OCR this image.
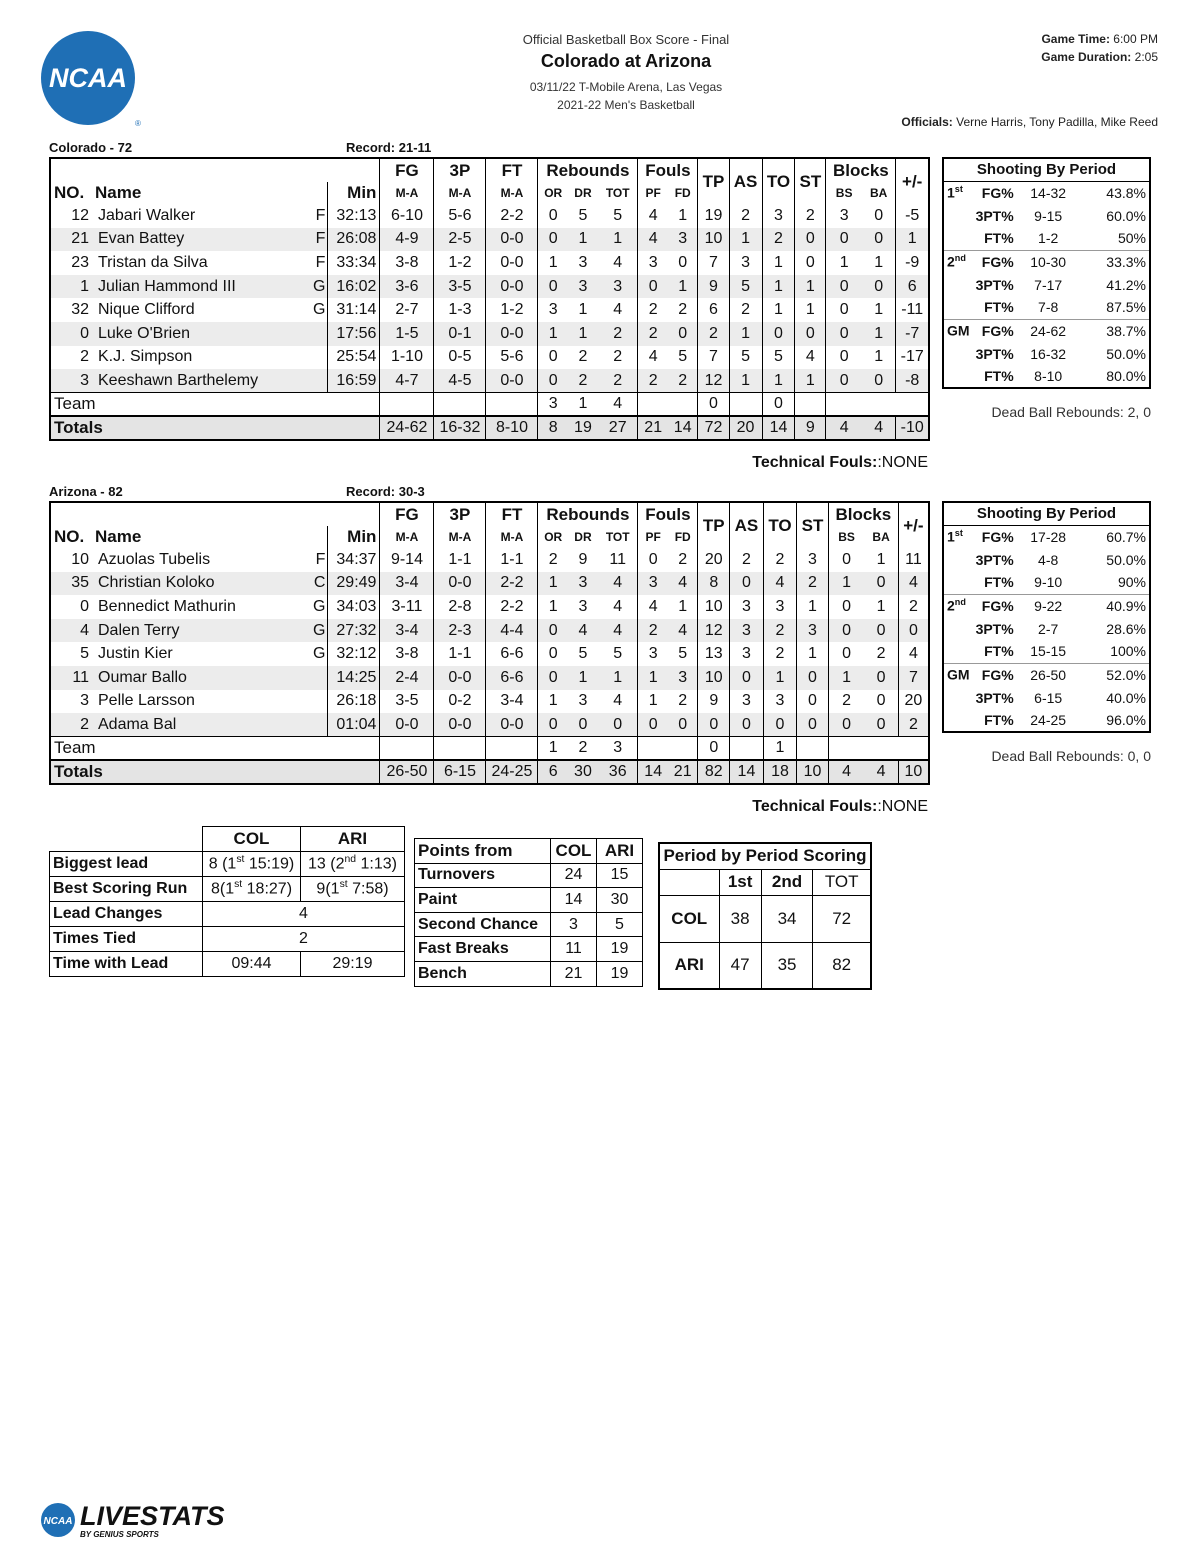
NCAA
®
Official Basketball Box Score - Final
Colorado at Arizona
03/11/22 T-Mobile Arena, Las Vegas
2021-22 Men's Basketball
Game Time: 6:00 PM
Game Duration: 2:05
Officials: Verne Harris, Tony Padilla, Mike Reed
Colorado - 72	Record: 21-11
				FG	3P	FT	Rebounds			Fouls		TP	AS	TO	ST	Blocks		+/-
NO.	Name		Min	M-A	M-A	M-A	OR	DR	TOT	PF	FD					BS	BA	
12	Jabari Walker	F	32:13	6-10	5-6	2-2	0	5	5	4	1	19	2	3	2	3	0	-5
21	Evan Battey	F	26:08	4-9	2-5	0-0	0	1	1	4	3	10	1	2	0	0	0	1
23	Tristan da Silva	F	33:34	3-8	1-2	0-0	1	3	4	3	0	7	3	1	0	1	1	-9
1	Julian Hammond III	G	16:02	3-6	3-5	0-0	0	3	3	0	1	9	5	1	1	0	0	6
32	Nique Clifford	G	31:14	2-7	1-3	1-2	3	1	4	2	2	6	2	1	1	0	1	-11
0	Luke O'Brien		17:56	1-5	0-1	0-0	1	1	2	2	0	2	1	0	0	0	1	-7
2	K.J. Simpson		25:54	1-10	0-5	5-6	0	2	2	4	5	7	5	5	4	0	1	-17
3	Keeshawn Barthelemy		16:59	4-7	4-5	0-0	0	2	2	2	2	12	1	1	1	0	0	-8
Team							3	1	4			0		0				
Totals				24-62	16-32	8-10	8	19	27	21	14	72	20	14	9	4	4	-10
Technical Fouls::NONE
Shooting By Period			
1st	FG%	14-32	43.8%
	3PT%	9-15	60.0%
	FT%	1-2	50%
2nd	FG%	10-30	33.3%
	3PT%	7-17	41.2%
	FT%	7-8	87.5%
GM	FG%	24-62	38.7%
	3PT%	16-32	50.0%
	FT%	8-10	80.0%
Dead Ball Rebounds: 2, 0
Arizona - 82	Record: 30-3
				FG	3P	FT	Rebounds			Fouls		TP	AS	TO	ST	Blocks		+/-
NO.	Name		Min	M-A	M-A	M-A	OR	DR	TOT	PF	FD					BS	BA	
10	Azuolas Tubelis	F	34:37	9-14	1-1	1-1	2	9	11	0	2	20	2	2	3	0	1	11
35	Christian Koloko	C	29:49	3-4	0-0	2-2	1	3	4	3	4	8	0	4	2	1	0	4
0	Bennedict Mathurin	G	34:03	3-11	2-8	2-2	1	3	4	4	1	10	3	3	1	0	1	2
4	Dalen Terry	G	27:32	3-4	2-3	4-4	0	4	4	2	4	12	3	2	3	0	0	0
5	Justin Kier	G	32:12	3-8	1-1	6-6	0	5	5	3	5	13	3	2	1	0	2	4
11	Oumar Ballo		14:25	2-4	0-0	6-6	0	1	1	1	3	10	0	1	0	1	0	7
3	Pelle Larsson		26:18	3-5	0-2	3-4	1	3	4	1	2	9	3	3	0	2	0	20
2	Adama Bal		01:04	0-0	0-0	0-0	0	0	0	0	0	0	0	0	0	0	0	2
Team							1	2	3			0		1				
Totals				26-50	6-15	24-25	6	30	36	14	21	82	14	18	10	4	4	10
Technical Fouls::NONE
Shooting By Period			
1st	FG%	17-28	60.7%
	3PT%	4-8	50.0%
	FT%	9-10	90%
2nd	FG%	9-22	40.9%
	3PT%	2-7	28.6%
	FT%	15-15	100%
GM	FG%	26-50	52.0%
	3PT%	6-15	40.0%
	FT%	24-25	96.0%
Dead Ball Rebounds: 0, 0
	COL	ARI
Biggest lead	8 (1st 15:19)	13 (2nd 1:13)
Best Scoring Run	8(1st 18:27)	9(1st 7:58)
Lead Changes	4	
Times Tied	2	
Time with Lead	09:44	29:19
Points from	COL	ARI
Turnovers	24	15
Paint	14	30
Second Chance	3	5
Fast Breaks	11	19
Bench	21	19
Period by Period Scoring			
	1st	2nd	TOT
COL	38	34	72
ARI	47	35	82
NCAA LIVESTATS
BY GENIUS SPORTS
